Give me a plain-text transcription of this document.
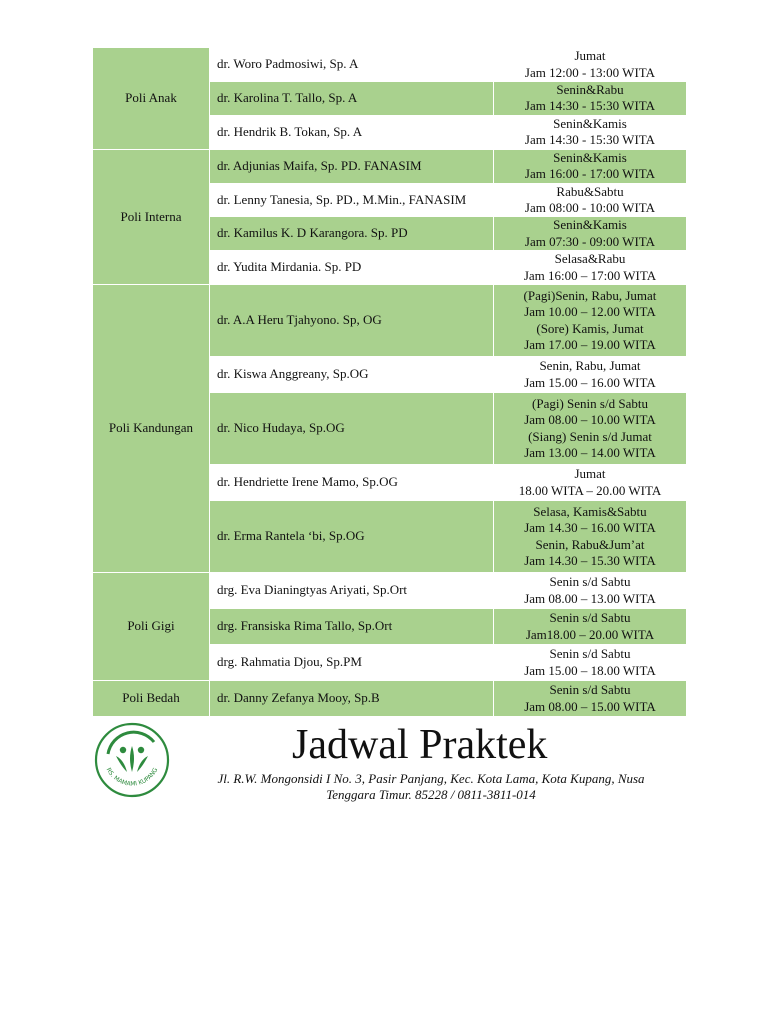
Poli Anak	dr. Woro Padmosiwi, Sp. A	Jumat
Jam 12:00 - 13:00 WITA
	dr. Karolina T. Tallo, Sp. A	Senin&Rabu
Jam 14:30 - 15:30 WITA
	dr. Hendrik B. Tokan, Sp. A	Senin&Kamis
Jam 14:30 - 15:30 WITA
Poli Interna	dr. Adjunias Maifa, Sp. PD. FANASIM	Senin&Kamis
Jam 16:00 - 17:00 WITA
	dr. Lenny Tanesia, Sp. PD., M.Min., FANASIM	Rabu&Sabtu
Jam 08:00 - 10:00 WITA
	dr. Kamilus K. D Karangora. Sp. PD	Senin&Kamis
Jam 07:30 - 09:00 WITA
	dr. Yudita Mirdania. Sp. PD	Selasa&Rabu
Jam 16:00 – 17:00 WITA
Poli Kandungan	dr. A.A Heru Tjahyono. Sp, OG	(Pagi)Senin, Rabu, Jumat
Jam 10.00 – 12.00 WITA
(Sore) Kamis, Jumat
Jam 17.00 – 19.00 WITA
	dr. Kiswa Anggreany, Sp.OG	Senin, Rabu, Jumat
Jam 15.00 – 16.00 WITA
	dr. Nico Hudaya, Sp.OG	(Pagi) Senin s/d Sabtu
Jam 08.00 – 10.00 WITA
(Siang) Senin s/d Jumat
Jam 13.00 – 14.00 WITA
	dr. Hendriette Irene Mamo, Sp.OG	Jumat
18.00 WITA – 20.00 WITA
	dr. Erma Rantela ‘bi, Sp.OG	Selasa, Kamis&Sabtu
Jam 14.30 – 16.00 WITA
Senin, Rabu&Jum’at
Jam 14.30 – 15.30 WITA
Poli Gigi	drg. Eva Dianingtyas Ariyati, Sp.Ort	Senin s/d Sabtu
Jam 08.00 – 13.00 WITA
	drg. Fransiska Rima Tallo, Sp.Ort	Senin s/d Sabtu
Jam18.00 – 20.00 WITA
	drg. Rahmatia Djou, Sp.PM	Senin s/d Sabtu
Jam 15.00 – 18.00 WITA
Poli Bedah	dr. Danny Zefanya Mooy, Sp.B	Senin s/d Sabtu
Jam 08.00 – 15.00 WITA
RS. MAMAMI KUPANG
Jadwal Praktek
Jl. R.W. Mongonsidi I No. 3, Pasir Panjang, Kec. Kota Lama, Kota Kupang, Nusa Tenggara Timur. 85228 / 0811-3811-014
